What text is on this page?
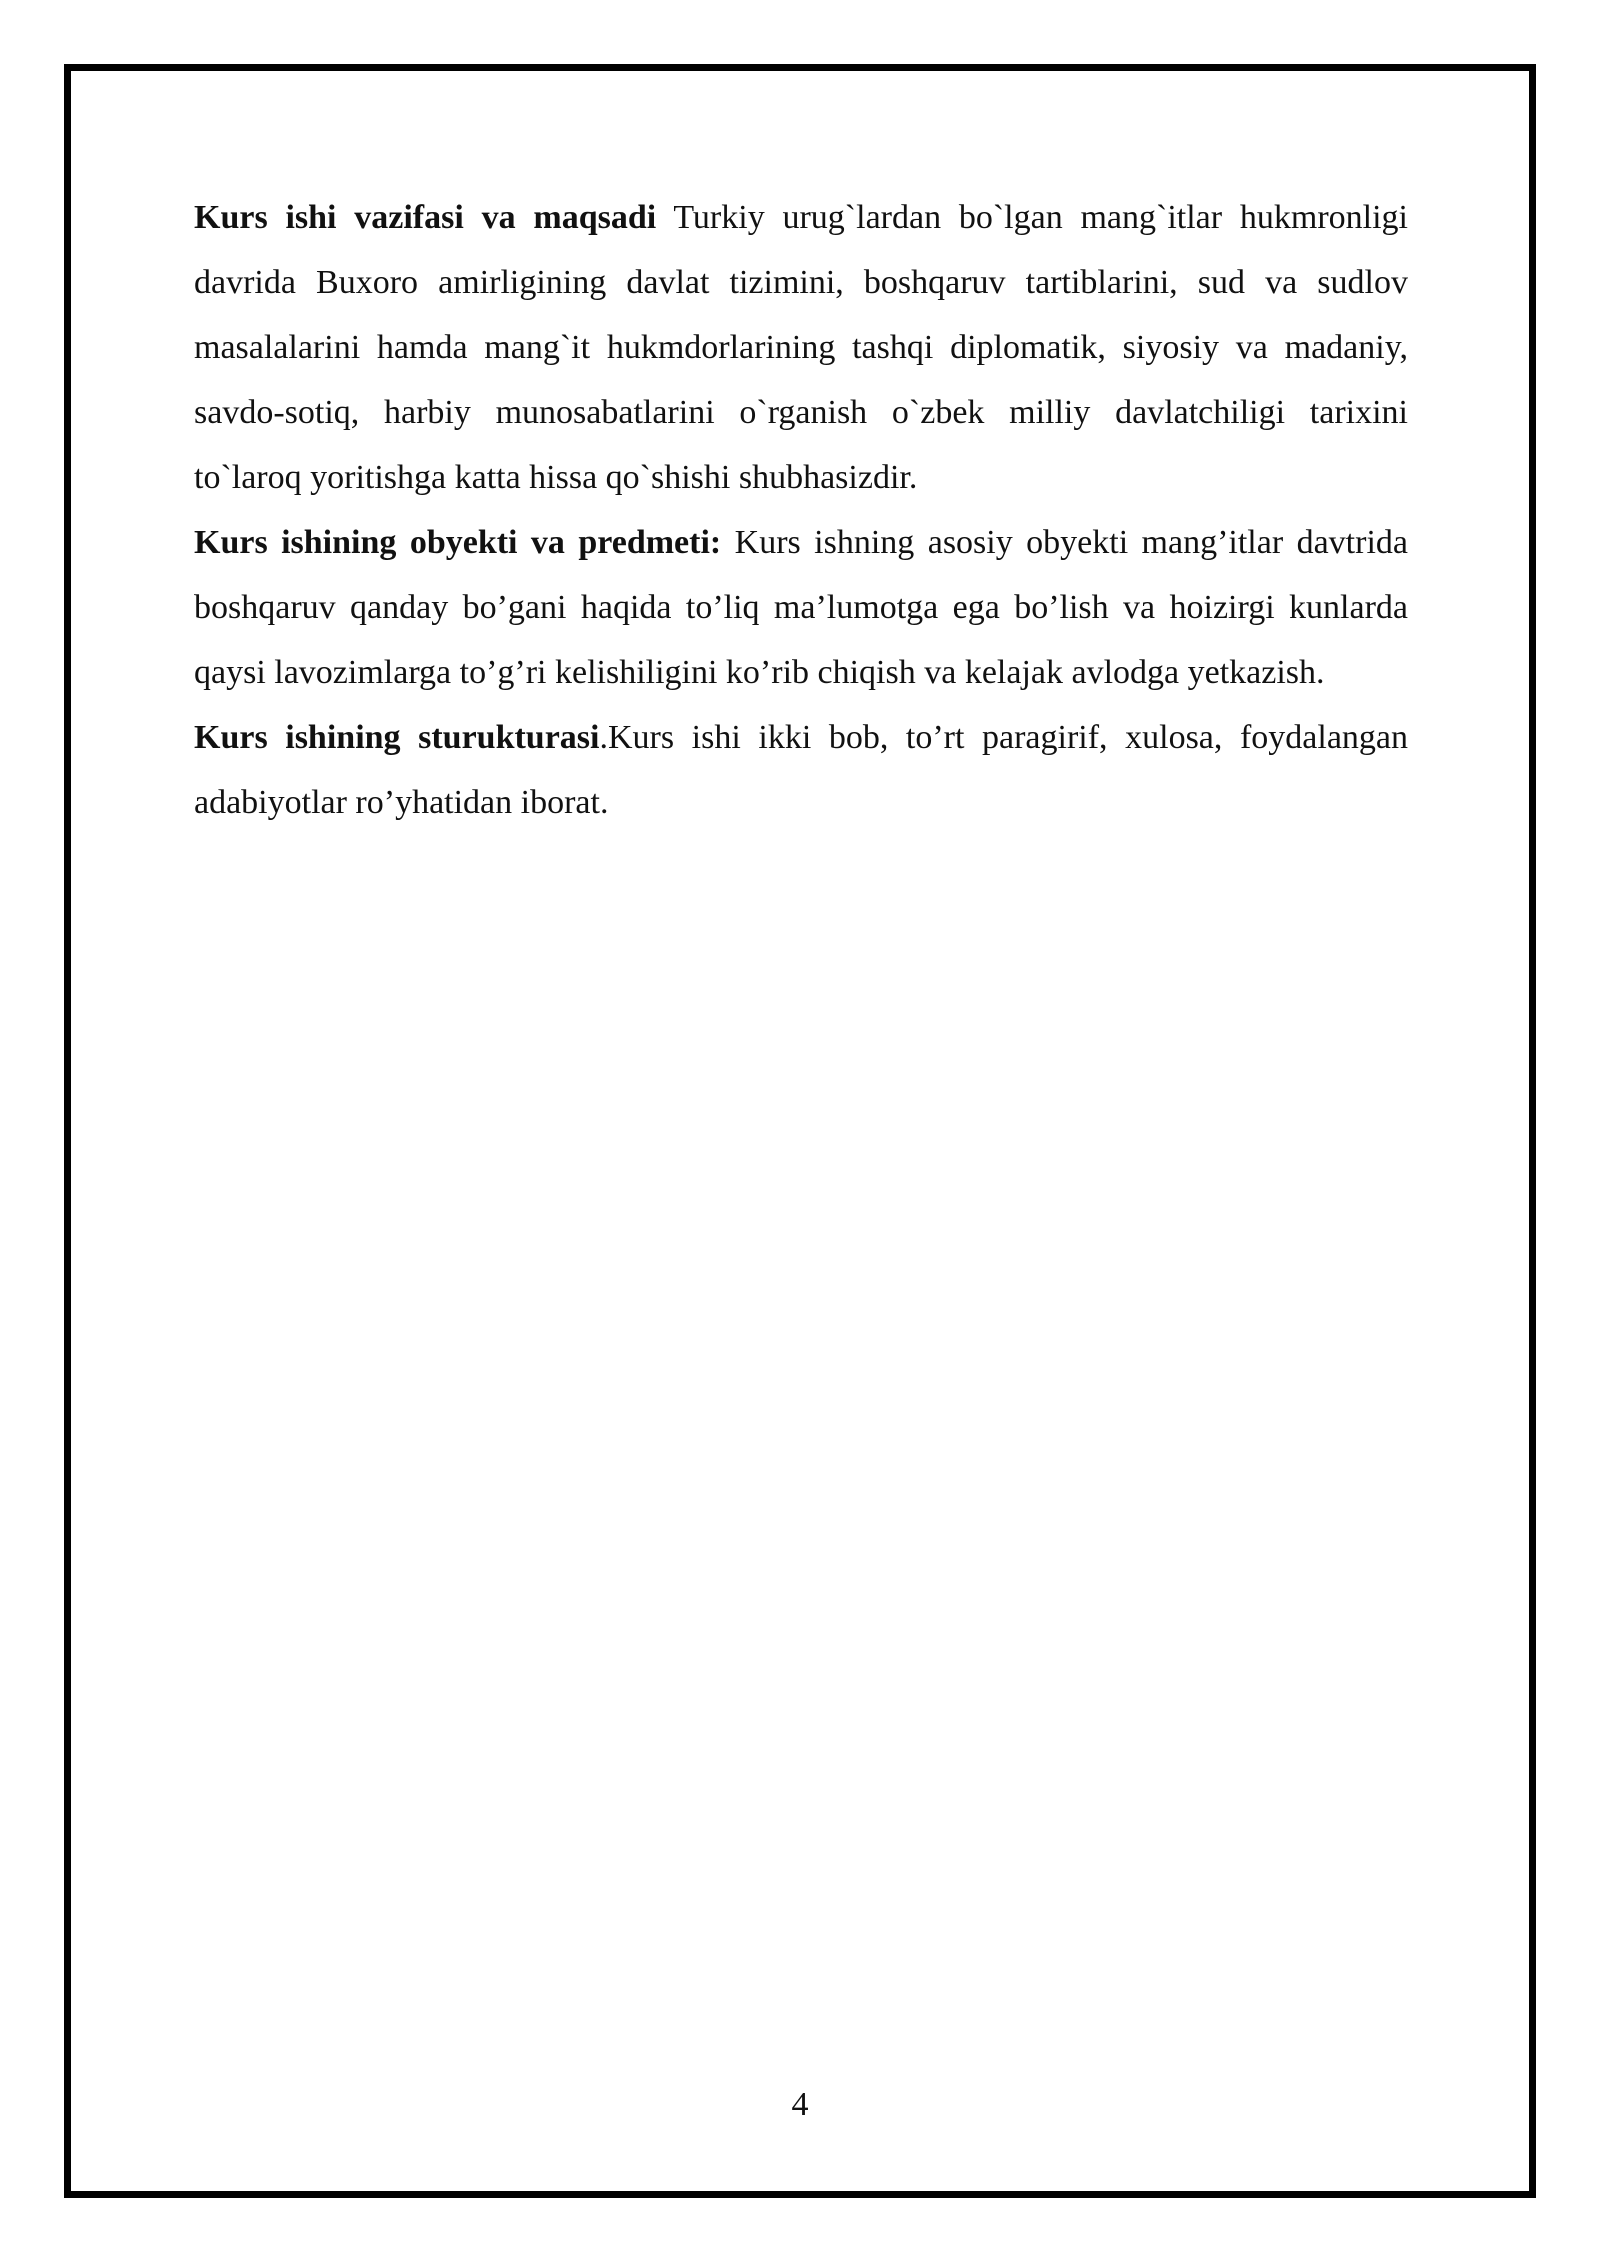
Kurs ishi vazifasi va maqsadi Turkiy urug`lardan bo`lgan mang`itlar hukmronligi davrida Buxoro amirligining davlat tizimini, boshqaruv tartiblarini, sud va sudlov masalalarini hamda mang`it hukmdorlarining tashqi diplomatik, siyosiy va madaniy, savdo-sotiq, harbiy munosabatlarini o`rganish o`zbek milliy davlatchiligi tarixini to`laroq yoritishga katta hissa qo`shishi shubhasizdir.

Kurs ishining obyekti va predmeti: Kurs ishning asosiy obyekti mang’itlar davtrida boshqaruv qanday bo’gani haqida to’liq ma’lumotga ega bo’lish va hoizirgi kunlarda qaysi lavozimlarga to’g’ri kelishiligini ko’rib chiqish va kelajak avlodga yetkazish.

Kurs ishining sturukturasi.Kurs ishi ikki bob, to’rt paragirif, xulosa, foydalangan adabiyotlar ro’yhatidan iborat.

4
